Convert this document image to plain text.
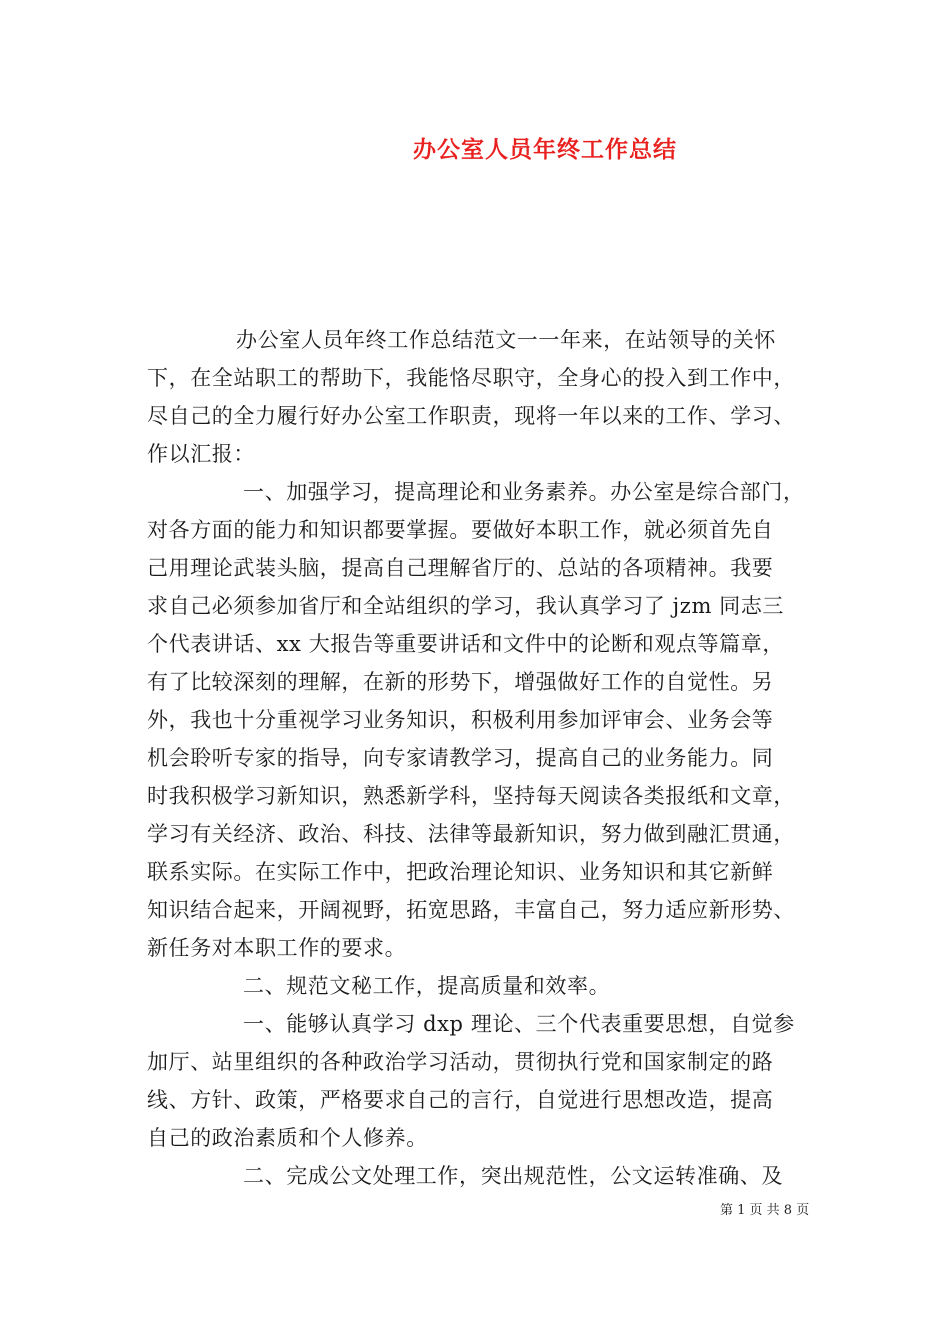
办公室人员年终工作总结
办公室人员年终工作总结范文一一年来，在站领导的关怀
下，在全站职工的帮助下，我能恪尽职守，全身心的投入到工作中，
尽自己的全力履行好办公室工作职责，现将一年以来的工作、学习、
作以汇报：
一、加强学习，提高理论和业务素养。办公室是综合部门，
对各方面的能力和知识都要掌握。要做好本职工作，就必须首先自
己用理论武装头脑，提高自己理解省厅的、总站的各项精神。我要
求自己必须参加省厅和全站组织的学习，我认真学习了 jzm 同志三
个代表讲话、xx 大报告等重要讲话和文件中的论断和观点等篇章，
有了比较深刻的理解，在新的形势下，增强做好工作的自觉性。另
外，我也十分重视学习业务知识，积极利用参加评审会、业务会等
机会聆听专家的指导，向专家请教学习，提高自己的业务能力。同
时我积极学习新知识，熟悉新学科，坚持每天阅读各类报纸和文章，
学习有关经济、政治、科技、法律等最新知识，努力做到融汇贯通，
联系实际。在实际工作中，把政治理论知识、业务知识和其它新鲜
知识结合起来，开阔视野，拓宽思路，丰富自己，努力适应新形势、
新任务对本职工作的要求。
二、规范文秘工作，提高质量和效率。
一、能够认真学习 dxp 理论、三个代表重要思想，自觉参
加厅、站里组织的各种政治学习活动，贯彻执行党和国家制定的路
线、方针、政策，严格要求自己的言行，自觉进行思想改造，提高
自己的政治素质和个人修养。
二、完成公文处理工作，突出规范性，公文运转准确、及
第 1 页 共 8 页
